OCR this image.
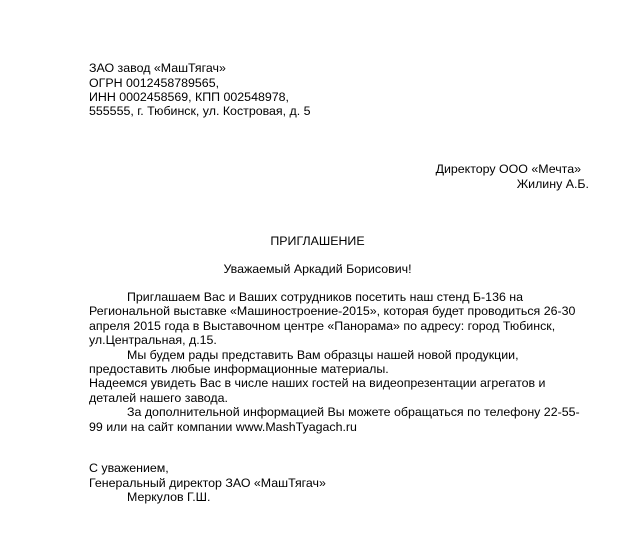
ЗАО завод «МашТягач»
ОГРН 0012458789565,
ИНН 0002458569, КПП 002548978,
555555, г. Тюбинск, ул. Костровая, д. 5
Директору ООО «Мечта»
Жилину А.Б.
ПРИГЛАШЕНИЕ
Уважаемый Аркадий Борисович!
Приглашаем Вас и Ваших сотрудников посетить наш стенд Б-136 на
Региональной выставке «Машиностроение-2015», которая будет проводиться 26-30
апреля 2015 года в Выставочном центре «Панорама» по адресу: город Тюбинск,
ул.Центральная, д.15.
Мы будем рады представить Вам образцы нашей новой продукции,
предоставить любые информационные материалы.
Надеемся увидеть Вас в числе наших гостей на видеопрезентации агрегатов и
деталей нашего завода.
За дополнительной информацией Вы можете обращаться по телефону 22-55-
99 или на сайт компании www.MashTyagach.ru
С уважением,
Генеральный директор ЗАО «МашТягач»
Меркулов Г.Ш.
